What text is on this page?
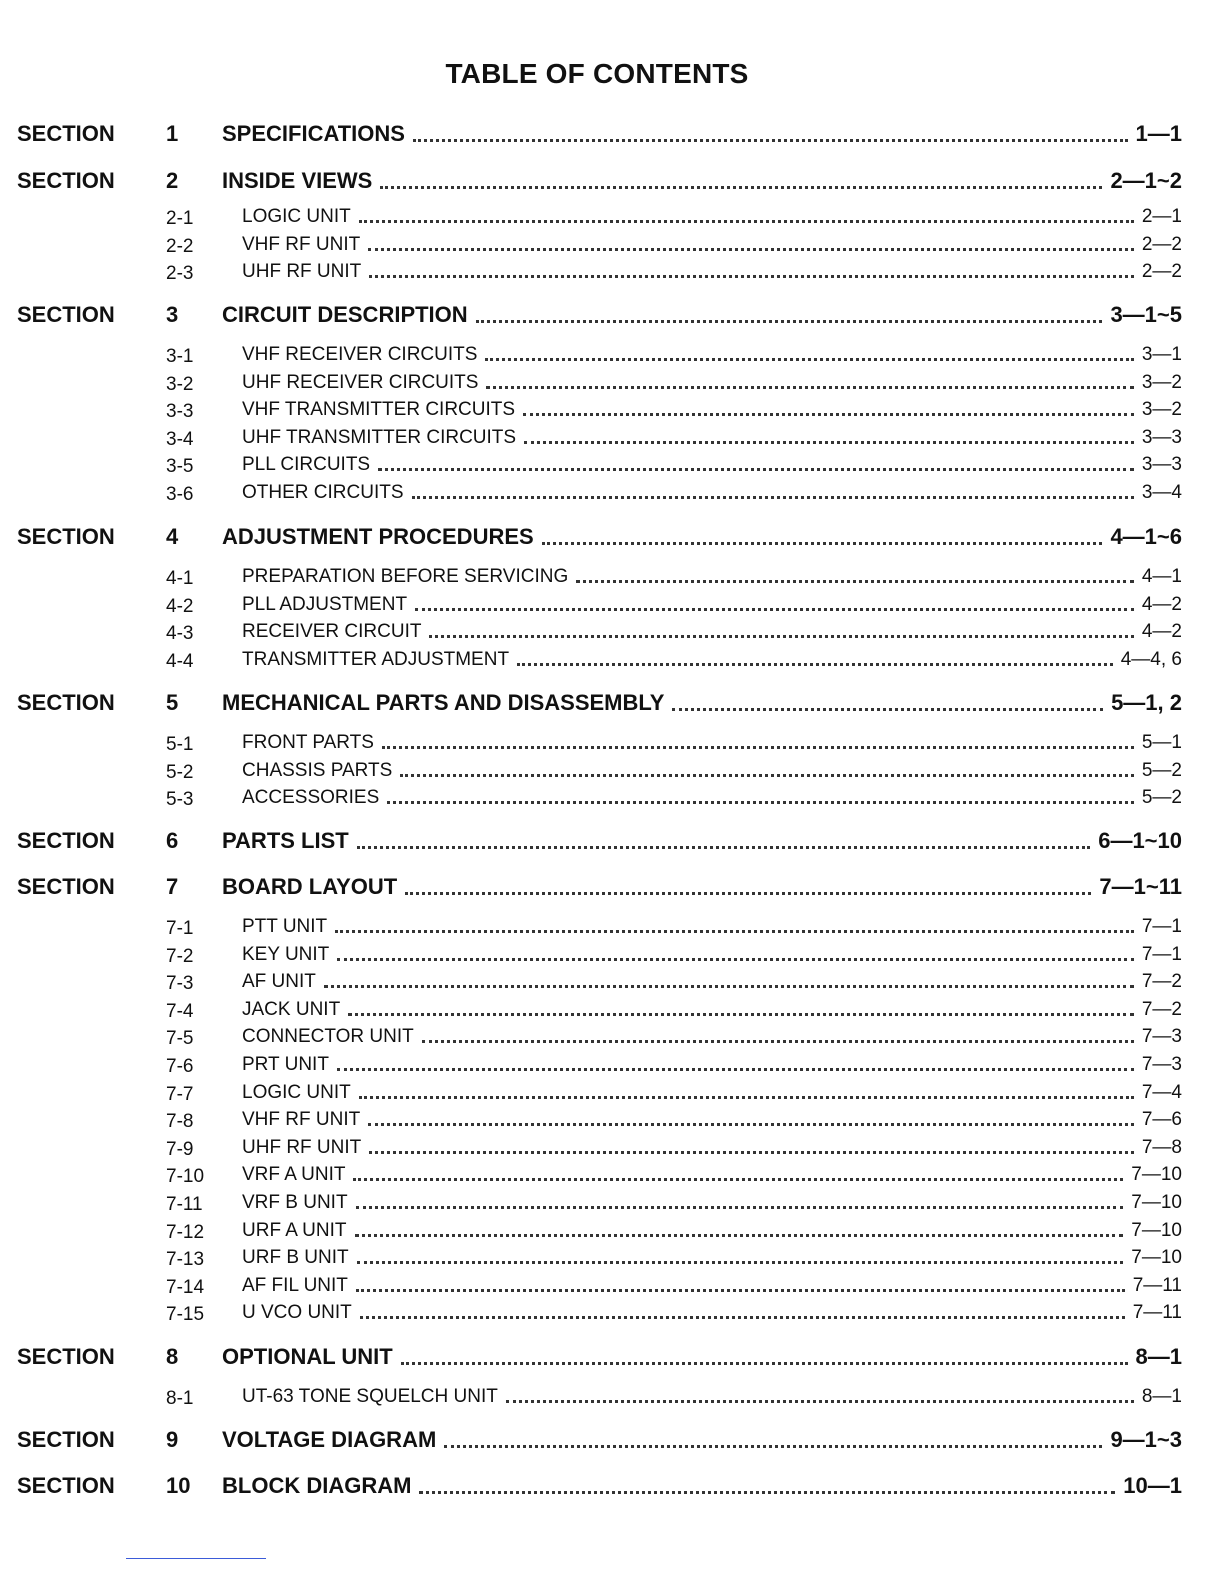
TABLE OF CONTENTS
SECTION 1 SPECIFICATIONS	1—1
SECTION 2 INSIDE VIEWS	2—1~2
2-1	LOGIC UNIT	2—1
2-2	VHF RF UNIT	2—2
2-3	UHF RF UNIT	2—2
SECTION 3 CIRCUIT DESCRIPTION	3—1~5
3-1	VHF RECEIVER CIRCUITS	3—1
3-2	UHF RECEIVER CIRCUITS	3—2
3-3	VHF TRANSMITTER CIRCUITS	3—2
3-4	UHF TRANSMITTER CIRCUITS	3—3
3-5	PLL CIRCUITS	3—3
3-6	OTHER CIRCUITS	3—4
SECTION 4 ADJUSTMENT PROCEDURES	4—1~6
4-1	PREPARATION BEFORE SERVICING	4—1
4-2	PLL ADJUSTMENT	4—2
4-3	RECEIVER CIRCUIT	4—2
4-4	TRANSMITTER ADJUSTMENT	4—4, 6
SECTION 5 MECHANICAL PARTS AND DISASSEMBLY	5—1, 2
5-1	FRONT PARTS	5—1
5-2	CHASSIS PARTS	5—2
5-3	ACCESSORIES	5—2
SECTION 6 PARTS LIST	6—1~10
SECTION 7 BOARD LAYOUT	7—1~11
7-1	PTT UNIT	7—1
7-2	KEY UNIT	7—1
7-3	AF UNIT	7—2
7-4	JACK UNIT	7—2
7-5	CONNECTOR UNIT	7—3
7-6	PRT UNIT	7—3
7-7	LOGIC UNIT	7—4
7-8	VHF RF UNIT	7—6
7-9	UHF RF UNIT	7—8
7-10 VRF A UNIT	7—10
7-11 VRF B UNIT	7—10
7-12 URF A UNIT	7—10
7-13 URF B UNIT	7—10
7-14 AF FIL UNIT	7—11
7-15 U VCO UNIT	7—11
SECTION 8 OPTIONAL UNIT	8—1
8-1	UT-63 TONE SQUELCH UNIT	8—1
SECTION 9 VOLTAGE DIAGRAM	9—1~3
SECTION 10 BLOCK DIAGRAM	10—1
